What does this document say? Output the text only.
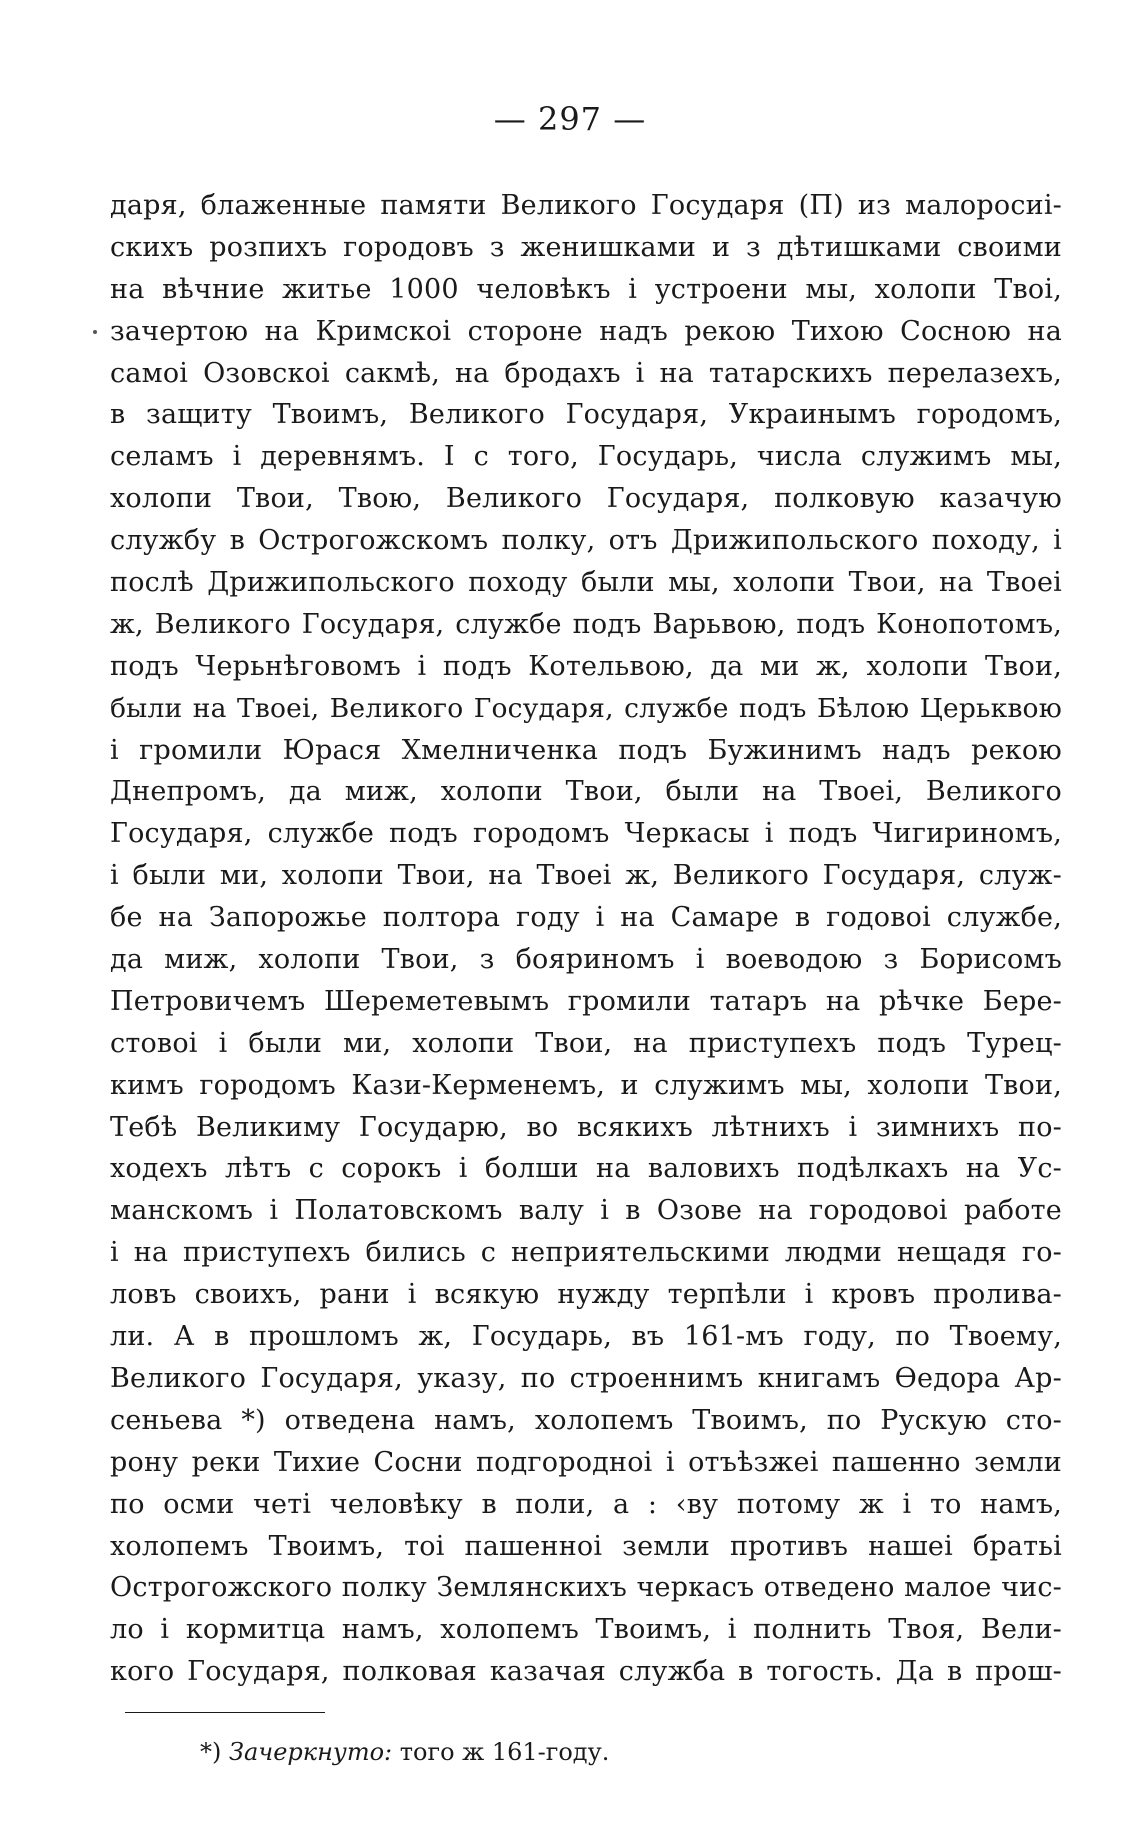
— 297 —
даря, блаженные памяти Великого Государя (П) из малоросиі-
скихъ розпихъ городовъ з женишками и з дѣтишками своими
на вѣчние житье 1000 человѣкъ і устроени мы, холопи Твоі,
зачертою на Кримскоі стороне надъ рекою Тихою Сосною на
самоі Озовскоі сакмѣ, на бродахъ і на татарскихъ перелазехъ,
в защиту Твоимъ, Великого Государя, Украинымъ городомъ,
селамъ і деревнямъ. I с того, Государь, числа служимъ мы,
холопи Твои, Твою, Великого Государя, полковую казачую
службу в Острогожскомъ полку, отъ Дрижипольского походу, і
послѣ Дрижипольского походу были мы, холопи Твои, на Твоеі
ж, Великого Государя, службе подъ Варьвою, подъ Конопотомъ,
подъ Черьнѣговомъ і подъ Котельвою, да ми ж, холопи Твои,
были на Твоеі, Великого Государя, службе подъ Бѣлою Церьквою
і громили Юрася Хмелниченка подъ Бужинимъ надъ рекою
Днепромъ, да миж, холопи Твои, были на Твоеі, Великого
Государя, службе подъ городомъ Черкасы і подъ Чигириномъ,
і были ми, холопи Твои, на Твоеі ж, Великого Государя, служ-
бе на Запорожье полтора году і на Самаре в годовоі службе,
да миж, холопи Твои, з бояриномъ і воеводою з Борисомъ
Петровичемъ Шереметевымъ громили татаръ на рѣчке Бере-
стовоі і были ми, холопи Твои, на приступехъ подъ Турец-
кимъ городомъ Кази-Керменемъ, и служимъ мы, холопи Твои,
Тебѣ Великиму Государю, во всякихъ лѣтнихъ і зимнихъ по-
ходехъ лѣтъ с сорокъ і болши на валовихъ подѣлкахъ на Ус-
манскомъ і Полатовскомъ валу і в Озове на городовоі работе
і на приступехъ бились с неприятельскими людми нещадя го-
ловъ своихъ, рани і всякую нужду терпѣли і кровъ пролива-
ли. А в прошломъ ж, Государь, въ 161-мъ году, по Твоему,
Великого Государя, указу, по строеннимъ книгамъ Ѳедора Ар-
сеньева *) отведена намъ, холопемъ Твоимъ, по Рускую сто-
рону реки Тихие Сосни подгородноі і отъѣзжеі пашенно земли
по осми четі человѣку в поли, а : ‹ву потому ж і то намъ,
холопемъ Твоимъ, тоі пашенноі земли противъ нашеі братьі
Острогожского полку Землянскихъ черкасъ отведено малое чис-
ло і кормитца намъ, холопемъ Твоимъ, і полнить Твоя, Вели-
кого Государя, полковая казачая служба в тогость. Да в прош-
*) Зачеркнуто: того ж 161-году.
